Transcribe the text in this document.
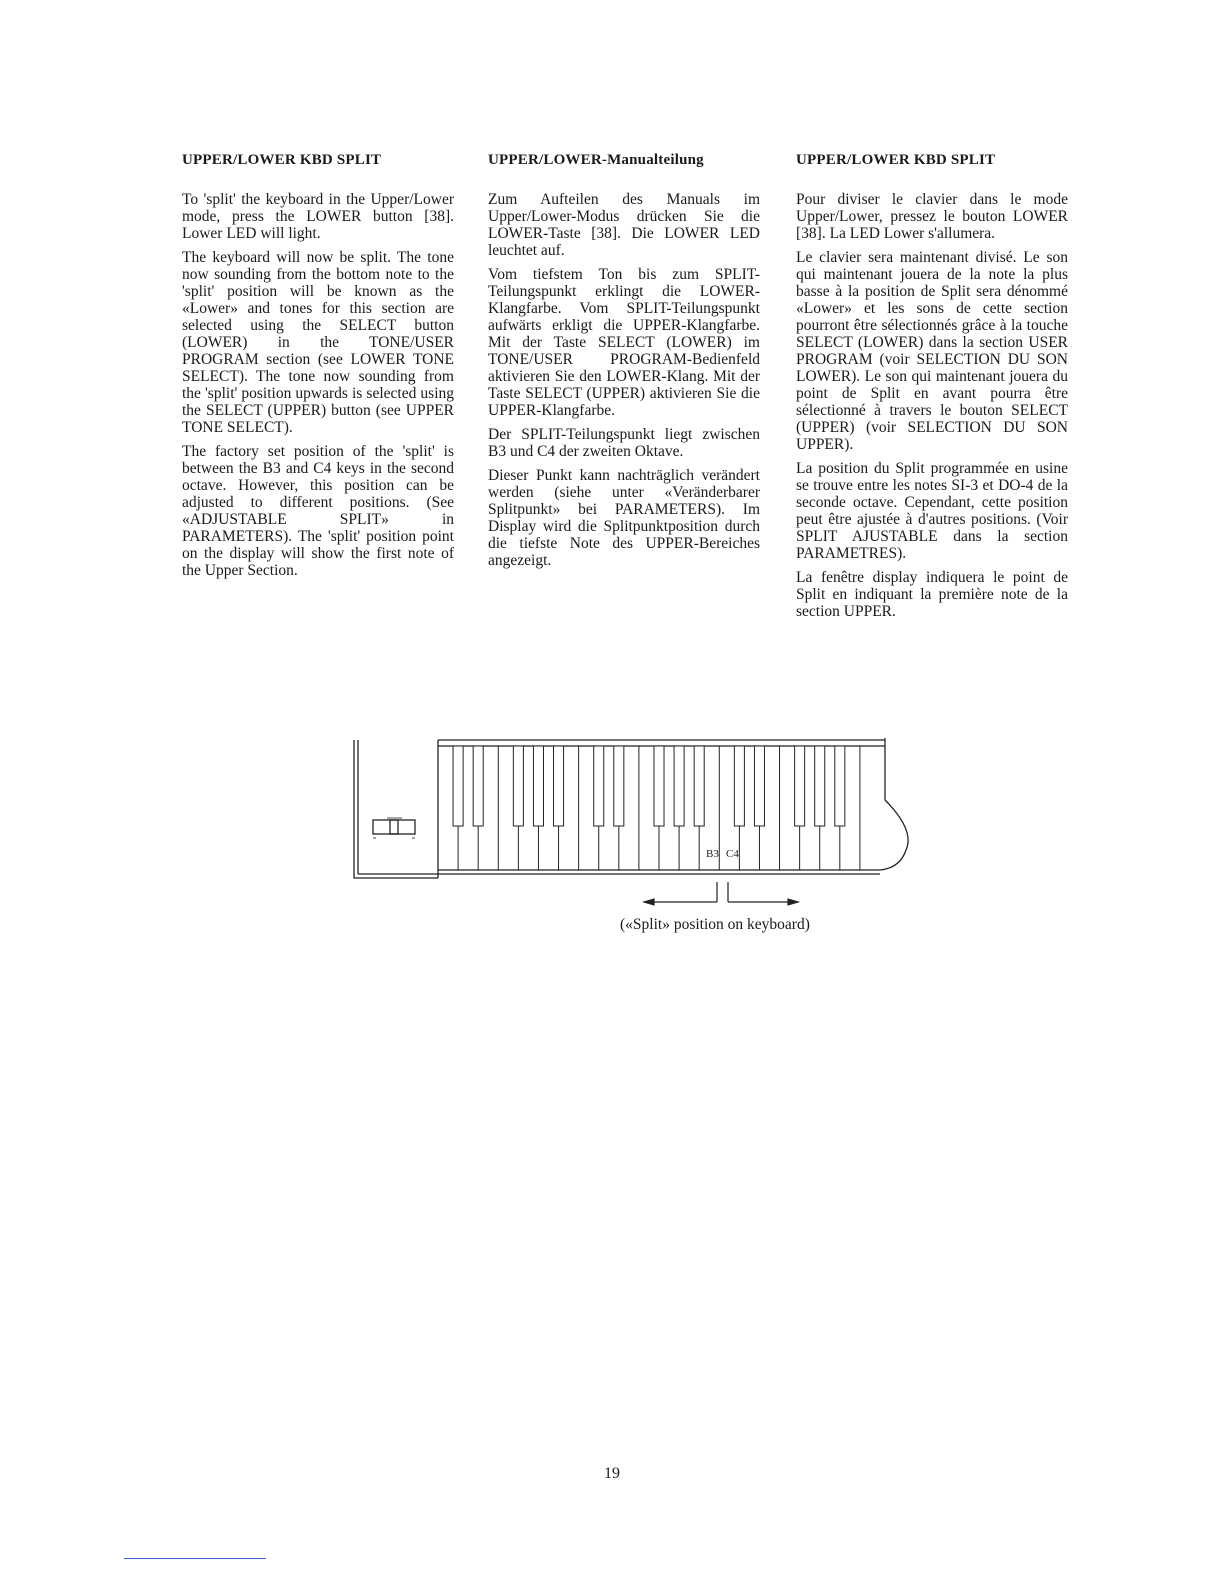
UPPER/LOWER KBD SPLIT

To 'split' the keyboard in the Upper/Lower mode, press the LOWER button [38]. Lower LED will light.

The keyboard will now be split. The tone now sounding from the bottom note to the 'split' position will be known as the «Lower» and tones for this section are selected using the SELECT button (LOWER) in the TONE/USER PROGRAM section (see LOWER TONE SELECT). The tone now sounding from the 'split' position upwards is selected using the SELECT (UPPER) button (see UPPER TONE SELECT).

The factory set position of the 'split' is between the B3 and C4 keys in the second octave. However, this position can be adjusted to different positions. (See «ADJUSTABLE SPLIT» in PARAMETERS). The 'split' position point on the display will show the first note of the Upper Section.

UPPER/LOWER-Manualteilung

Zum Aufteilen des Manuals im Upper/Lower-Modus drücken Sie die LOWER-Taste [38]. Die LOWER LED leuchtet auf.

Vom tiefstem Ton bis zum SPLIT-Teilungspunkt erklingt die LOWER-Klangfarbe. Vom SPLIT-Teilungspunkt aufwärts erkligt die UPPER-Klangfarbe. Mit der Taste SELECT (LOWER) im TONE/USER PROGRAM-Bedienfeld aktivieren Sie den LOWER-Klang. Mit der Taste SELECT (UPPER) aktivieren Sie die UPPER-Klangfarbe.

Der SPLIT-Teilungspunkt liegt zwischen B3 und C4 der zweiten Oktave.

Dieser Punkt kann nachträglich verändert werden (siehe unter «Veränderbarer Splitpunkt» bei PARAMETERS). Im Display wird die Splitpunktposition durch die tiefste Note des UPPER-Bereiches angezeigt.

UPPER/LOWER KBD SPLIT

Pour diviser le clavier dans le mode Upper/Lower, pressez le bouton LOWER [38]. La LED Lower s'allumera.

Le clavier sera maintenant divisé. Le son qui maintenant jouera de la note la plus basse à la position de Split sera dénommé «Lower» et les sons de cette section pourront être sélectionnés grâce à la touche SELECT (LOWER) dans la section USER PROGRAM (voir SELECTION DU SON LOWER). Le son qui maintenant jouera du point de Split en avant pourra être sélectionné à travers le bouton SELECT (UPPER) (voir SELECTION DU SON UPPER).

La position du Split programmée en usine se trouve entre les notes SI-3 et DO-4 de la seconde octave. Cependant, cette position peut être ajustée à d'autres positions. (Voir SPLIT AJUSTABLE dans la section PARAMETRES).

La fenêtre display indiquera le point de Split en indiquant la première note de la section UPPER.

B3 C4
(«Split» position on keyboard)
19
